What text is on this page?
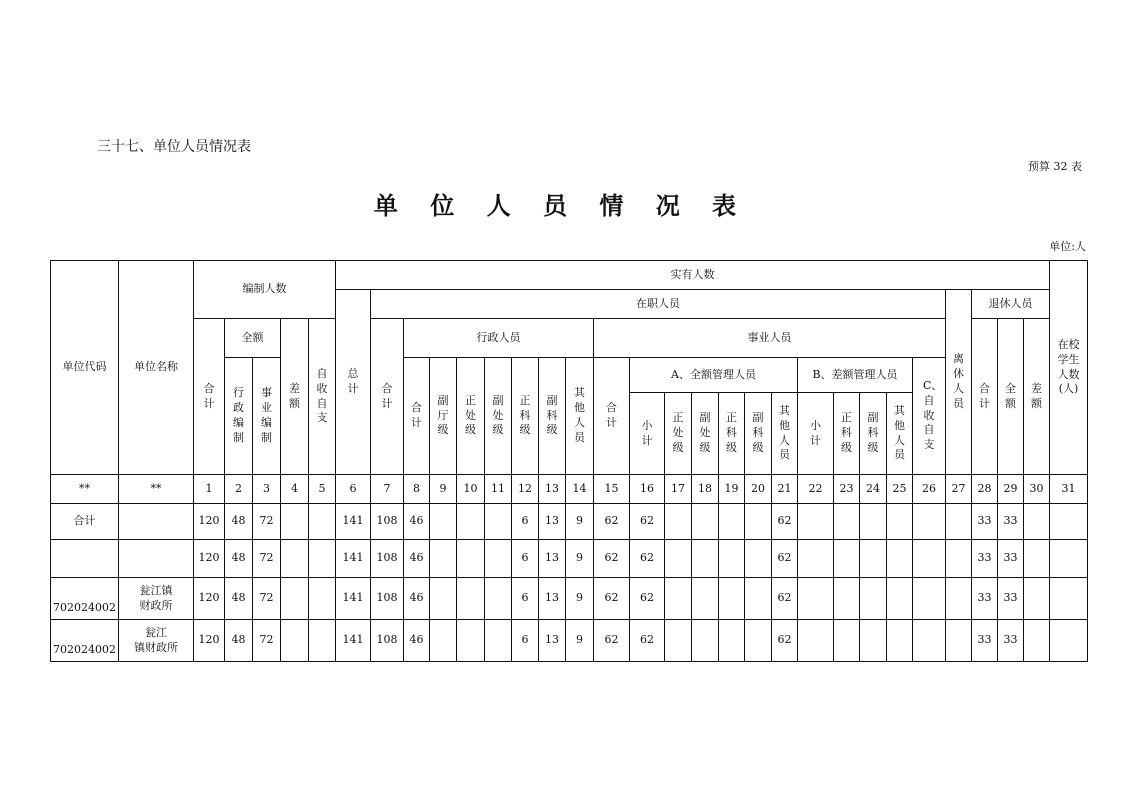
三十七、单位人员情况表
预算 32 表
单 位 人 员 情 况 表
单位:人
单位代码	单位名称	编制人数					实有人数																									在校学生人数(人)
							总计	在职人员																				离休人员	退休人员			
		合计	全额		差额	自收自支		合计	行政人员							事业人员													合计	全额	差额	
			行政编制	事业编制					合计	副厅级	正处级	副处级	正科级	副科级	其他人员	合计	A、全额管理人员						B、差额管理人员				C、自收自支					
																	小计	正处级	副处级	正科级	副科级	其他人员	小计	正科级	副科级	其他人员						

**	**	1	2	3	4	5	6	7	8	9	10	11	12	13	14	15	16	17	18	19	20	21	22	23	24	25	26	27	28	29	30	31
合计		120	48	72			141	108	46				6	13	9	62	62					62							33	33		
		120	48	72			141	108	46				6	13	9	62	62					62							33	33		
702024002	瓮江镇
财政所	120	48	72			141	108	46				6	13	9	62	62					62							33	33		
702024002	瓮江
镇财政所	120	48	72			141	108	46				6	13	9	62	62					62							33	33		
